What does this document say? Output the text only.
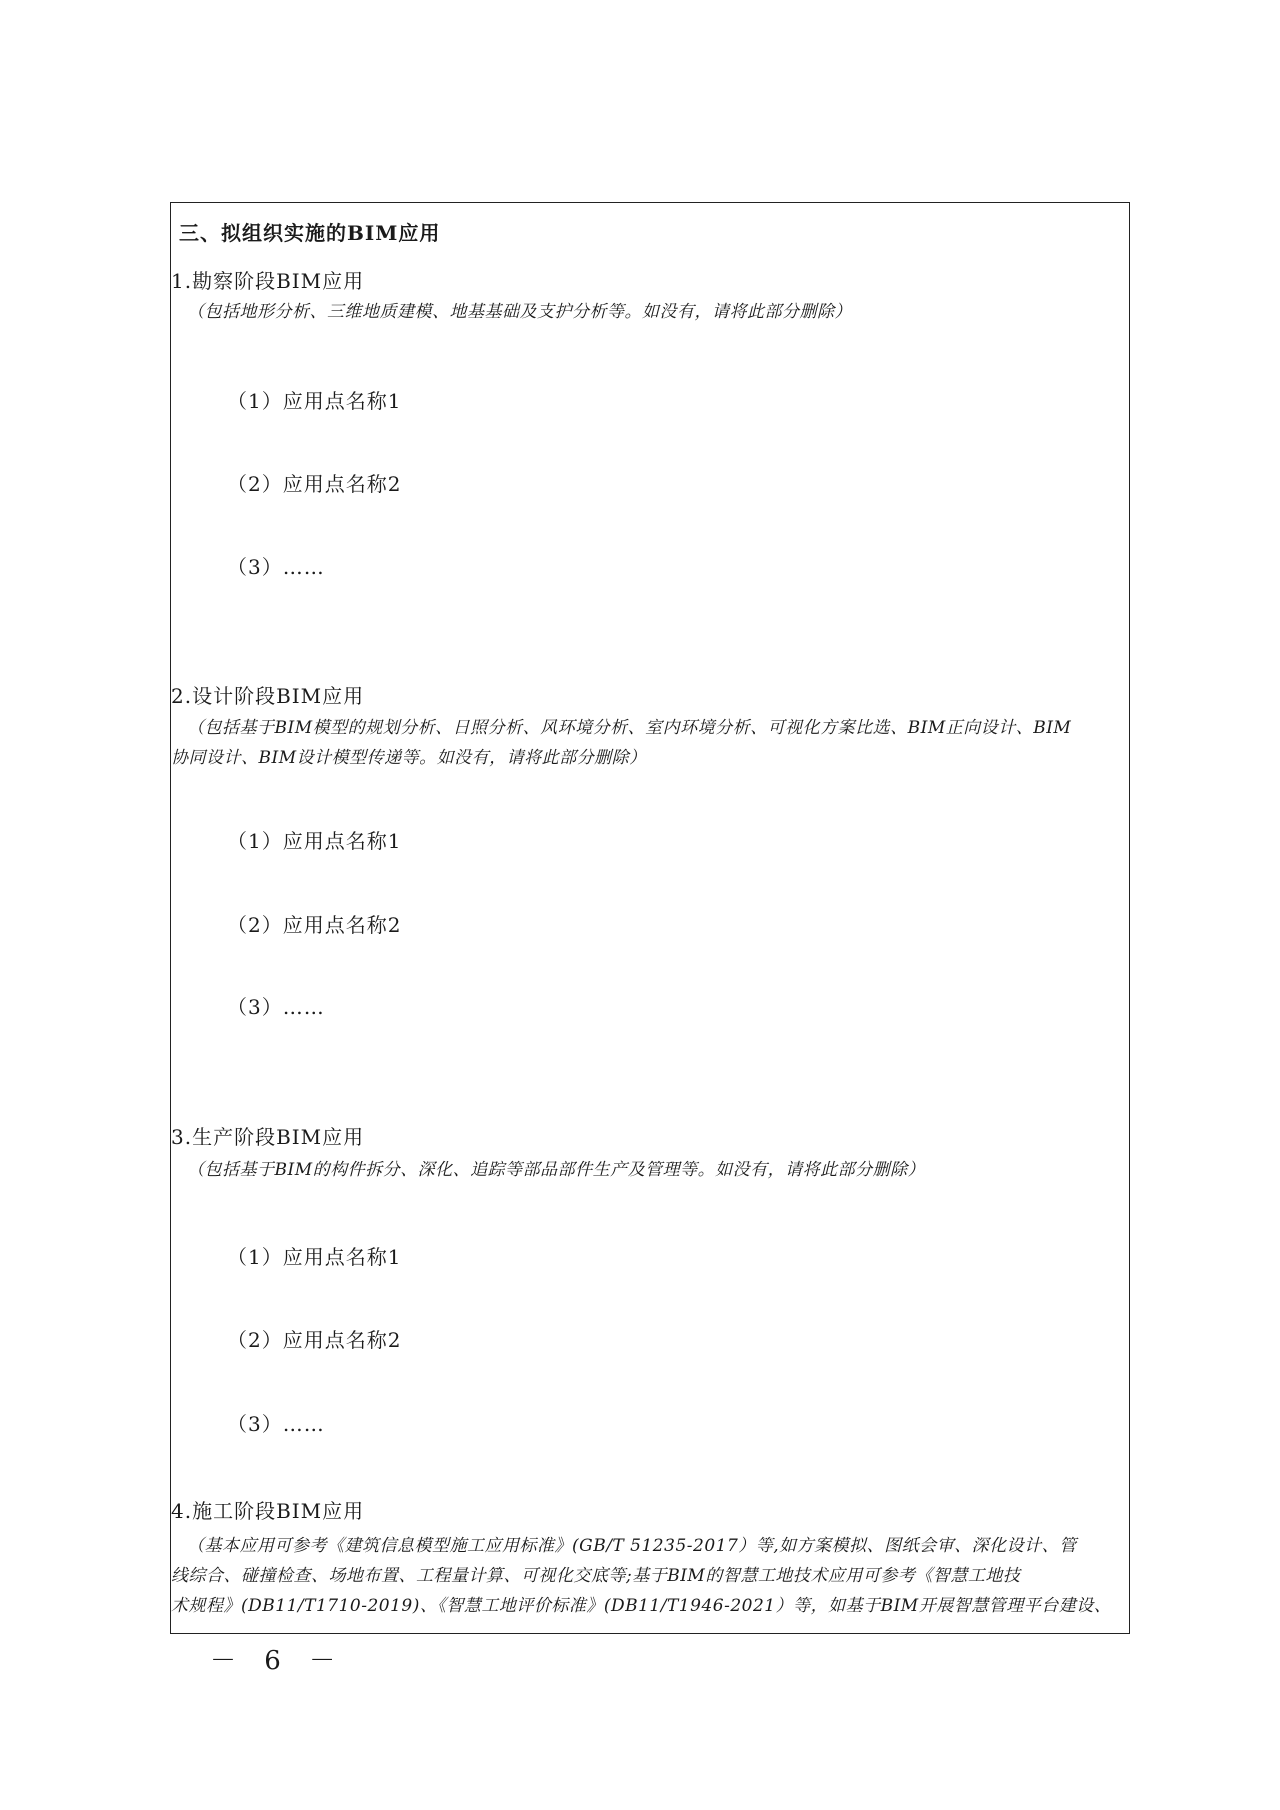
三、拟组织实施的BIM应用
1.勘察阶段BIM应用
（包括地形分析、三维地质建模、地基基础及支护分析等。如没有，请将此部分删除）
（1）应用点名称1
（2）应用点名称2
（3）……
2.设计阶段BIM应用
（包括基于BIM模型的规划分析、日照分析、风环境分析、室内环境分析、可视化方案比选、BIM正向设计、BIM
协同设计、BIM设计模型传递等。如没有，请将此部分删除）
（1）应用点名称1
（2）应用点名称2
（3）……
3.生产阶段BIM应用
（包括基于BIM的构件拆分、深化、追踪等部品部件生产及管理等。如没有，请将此部分删除）
（1）应用点名称1
（2）应用点名称2
（3）……
4.施工阶段BIM应用
（基本应用可参考《建筑信息模型施工应用标准》(GB/T 51235-2017）等,如方案模拟、图纸会审、深化设计、管
线综合、碰撞检查、场地布置、工程量计算、可视化交底等;基于BIM的智慧工地技术应用可参考《智慧工地技
术规程》(DB11/T1710-2019)、《智慧工地评价标准》(DB11/T1946-2021）等，如基于BIM开展智慧管理平台建设、
－ 6 －
